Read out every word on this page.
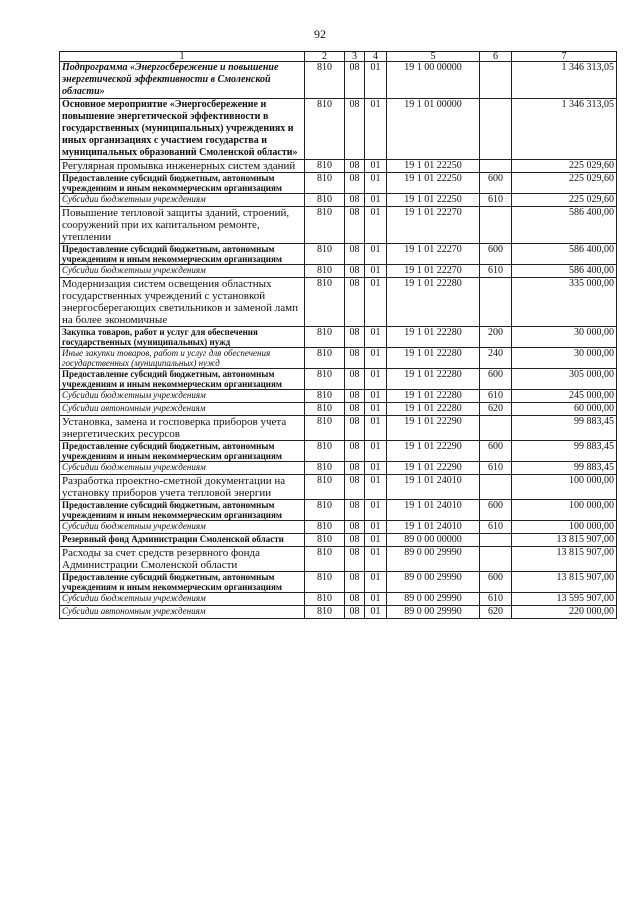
92
1	2	3	4	5	6	7
Подпрограмма «Энергосбережение и повышение энергетической эффективности в Смоленской области»	810	08	01	19 1 00 00000		1 346 313,05
Основное мероприятие «Энергосбережение и повышение энергетической эффективности в государственных (муниципальных) учреждениях и иных организациях с участием государства и муниципальных образований Смоленской области»	810	08	01	19 1 01 00000		1 346 313,05
Регулярная промывка инженерных систем зданий	810	08	01	19 1 01 22250		225 029,60
Предоставление субсидий бюджетным, автономным учреждениям и иным некоммерческим организациям	810	08	01	19 1 01 22250	600	225 029,60
Субсидии бюджетным учреждениям	810	08	01	19 1 01 22250	610	225 029,60
Повышение тепловой защиты зданий, строений, сооружений при их капитальном ремонте, утеплении	810	08	01	19 1 01 22270		586 400,00
Предоставление субсидий бюджетным, автономным учреждениям и иным некоммерческим организациям	810	08	01	19 1 01 22270	600	586 400,00
Субсидии бюджетным учреждениям	810	08	01	19 1 01 22270	610	586 400,00
Модернизация систем освещения областных государственных учреждений с установкой энергосберегающих светильников и заменой ламп на более экономичные	810	08	01	19 1 01 22280		335 000,00
Закупка товаров, работ и услуг для обеспечения государственных (муниципальных) нужд	810	08	01	19 1 01 22280	200	30 000,00
Иные закупки товаров, работ и услуг для обеспечения государственных (муниципальных) нужд	810	08	01	19 1 01 22280	240	30 000,00
Предоставление субсидий бюджетным, автономным учреждениям и иным некоммерческим организациям	810	08	01	19 1 01 22280	600	305 000,00
Субсидии бюджетным учреждениям	810	08	01	19 1 01 22280	610	245 000,00
Субсидии автономным учреждениям	810	08	01	19 1 01 22280	620	60 000,00
Установка, замена и госповерка приборов учета энергетических ресурсов	810	08	01	19 1 01 22290		99 883,45
Предоставление субсидий бюджетным, автономным учреждениям и иным некоммерческим организациям	810	08	01	19 1 01 22290	600	99 883,45
Субсидии бюджетным учреждениям	810	08	01	19 1 01 22290	610	99 883,45
Разработка проектно-сметной документации на установку приборов учета тепловой энергии	810	08	01	19 1 01 24010		100 000,00
Предоставление субсидий бюджетным, автономным учреждениям и иным некоммерческим организациям	810	08	01	19 1 01 24010	600	100 000,00
Субсидии бюджетным учреждениям	810	08	01	19 1 01 24010	610	100 000,00
Резервный фонд Администрации Смоленской области	810	08	01	89 0 00 00000		13 815 907,00
Расходы за счет средств резервного фонда Администрации Смоленской области	810	08	01	89 0 00 29990		13 815 907,00
Предоставление субсидий бюджетным, автономным учреждениям и иным некоммерческим организациям	810	08	01	89 0 00 29990	600	13 815 907,00
Субсидии бюджетным учреждениям	810	08	01	89 0 00 29990	610	13 595 907,00
Субсидии автономным учреждениям	810	08	01	89 0 00 29990	620	220 000,00
